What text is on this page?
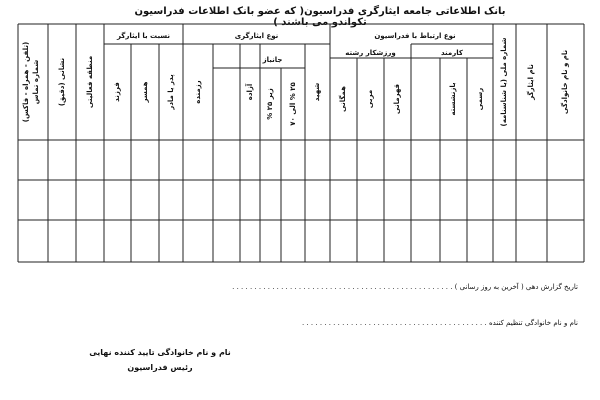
بانک اطلاعاتی جامعه ایثارگری فدراسیون( که عضو بانک اطلاعات فدراسیون تکواندو می باشند )
نوع ارتباط با فدراسیون
کارمند
ورزشکار رشته
نوع ایثارگری
جانباز
نسبت با ایثارگر
نام و نام خانوادگی
نام ایثارگر
شماره ملی (یا شناسنامه)
رسمی
بازنشسته
قهرمانی
مربی
همگانی
شهید
۲۵ % الی ۷۰
زیر ۲۵ %
آزاده
رزمنده
پدر یا مادر
همسر
فرزند
منطقه فعالیتی
نشانی (دقیق)
شماره تماس
(تلفن - همراه - فاکس)
تاریخ گزارش دهی ( آخرین به روز رسانی ) . . . . . . . . . . . . . . . . . . . . . . . . . . . . . . . . . . . . . . . . . . . . . . . . . .
نام و نام خانوادگی تنظیم کننده . . . . . . . . . . . . . . . . . . . . . . . . . . . . . . . . . . . . . . . . . .
نام و نام خانوادگی تایید کننده نهایی
رئیس فدراسیون
